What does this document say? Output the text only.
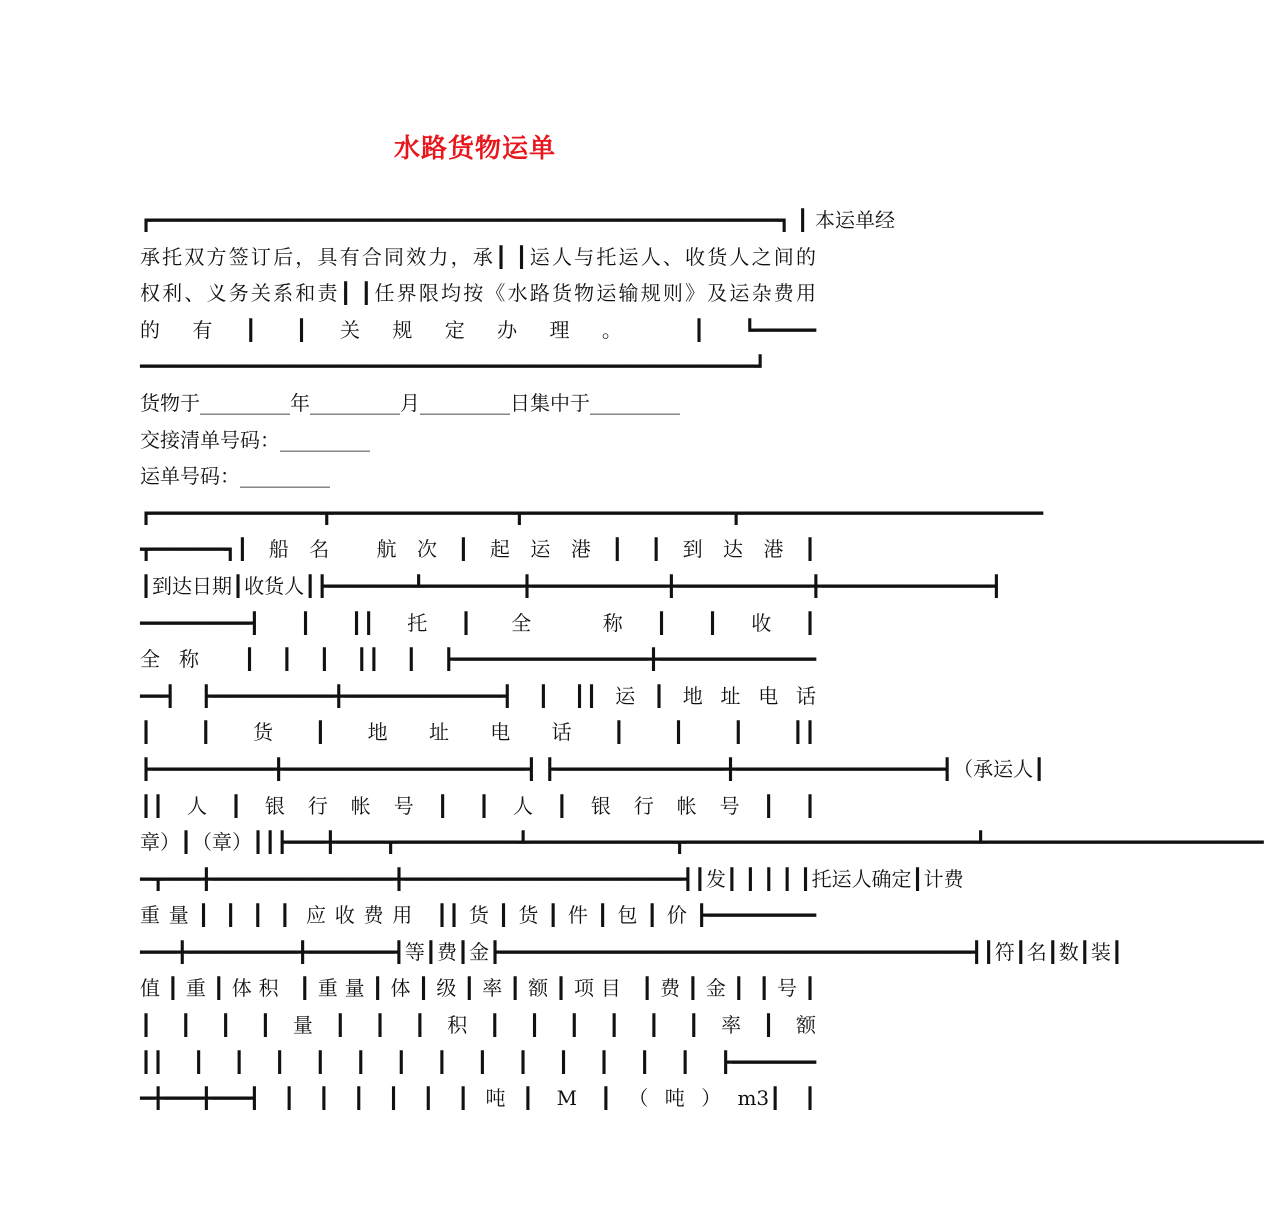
水路货物运单
┏━━━━━━━━━━━━━━━━━━━━━━━━━━━━━━━━━━━━━━━━━━━━━━━━━━━━┓ ┃ 本运单经
承托双方签订后，具有合同效力，承┃ ┃运人与托运人、收货人之间的
权利、义务关系和责┃ ┃任界限均按《水路货物运输规则》及运杂费用
的有┃ ┃关规定办理。 ┃ ┗━━━━━
━━━━━━━━━━━━━━━━━━━━━━━━━━━━━━━━━━━━━━━━━━━━━━━━━━━┛
货物于_________年_________月_________日集中于_________
交接清单号码：_________
运单号码：_________
┏━━━━━━━━━━━━━━┳━━━━━━━━━━━━━━━┳━━━━━━━━━━━━━━━━━┳━━━━━━━━━━━━━━━━━━━━━━━━━
┳━━━━━━┓┃船名 航次┃起运港┃ ┃到达港┃
┃到达日期┃收货人┃┣━━━━━━━┻━━━━━━━━╋━━━━━━━━━━━╋━━━━━━━━━━━╋━━━━━━━━━━━━━━┫
━━━━━━━━━┫ ┃ ┃┃托┃ 全 称┃ ┃收┃
全称 ┃ ┃ ┃ ┃┃ ┃ ┣━━━━━━━━━━━━━━━━╋━━━━━━━━━━━━━
━━┫ ┣━━━━━━━━━━╋━━━━━━━━━━━━━┫ ┃ ┃┃运┃地址电话
┃ ┃货┃地址电话┃ ┃ ┃ ┃┃
┣━━━━━━━━━━╋━━━━━━━━━━━━━━━━━━━━┫ ┣━━━━━━━━━━━━━━╋━━━━━━━━━━━━━━━━━┫（承运人┃
┃┃人┃银行帐号┃ ┃人┃银行帐号┃ ┃
章）┃（章）┃┃┣━━━╋━━━━┳━━━━━━━━━━┻━━━━━━━━━━━━┳━━━━━━━━━━━━━━━━━━━━━━━━┻━━━━━━━━━━━━━━━━━━━━━━━
━┳━━━╋━━━━━━━━━━━━━━━╋━━━━━━━━━━━━━━━━━━━━━━━┫┃发┃ ┃ ┃ ┃ ┃托运人确定┃计费
重量┃ ┃ ┃ ┃ 应收费用 ┃┃货┃货┃件┃包┃价┣━━━━━━━━━
━━━╋━━━━━━━━━╋━━━━━━━┫等┃费┃金┣━━━━━━━━━━━━━━━━━━━━━━━━━━━━━━━━━━━━━━━┫┃符┃名┃数┃装┃
值┃重┃体积 ┃重量┃体┃级┃率┃额┃项目 ┃费┃金┃ ┃号┃
┃ ┃ ┃ ┃量┃ ┃ ┃积┃ ┃ ┃ ┃ ┃ ┃率┃额
┃┃ ┃ ┃ ┃ ┃ ┃ ┃ ┃ ┃ ┃ ┃ ┃ ┃ ┃ ┣━━━━━━━
━╋━━━╋━━━┫ ┃ ┃ ┃ ┃ ┃ ┃吨┃ M ┃（吨）m3┃ ┃
